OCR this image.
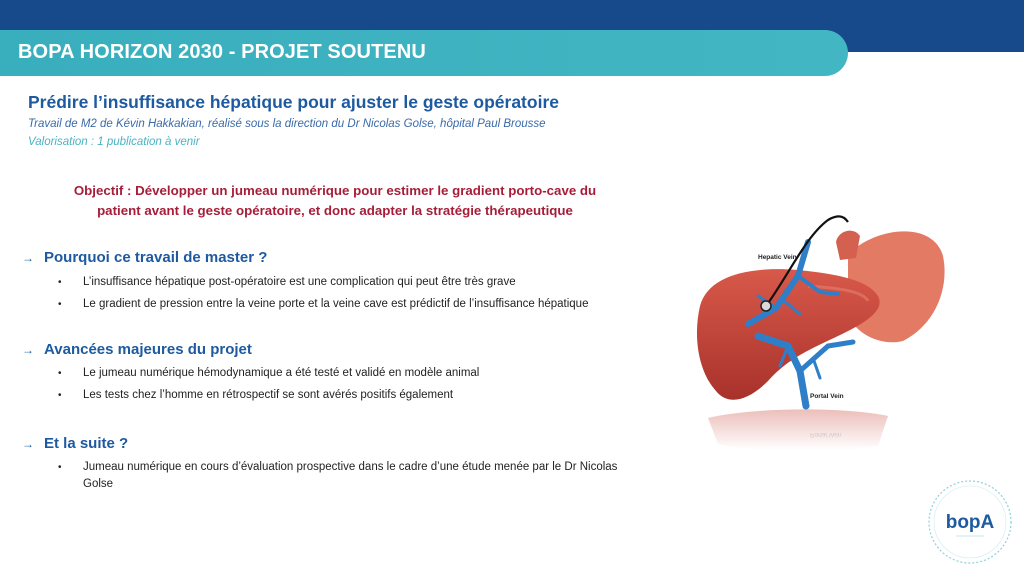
BOPA HORIZON 2030 - PROJET SOUTENU
Prédire l’insuffisance hépatique pour ajuster le geste opératoire
Travail de M2 de Kévin Hakkakian, réalisé sous la direction du Dr Nicolas Golse, hôpital Paul Brousse
Valorisation : 1 publication à venir
Objectif : Développer un jumeau numérique pour estimer le gradient porto-cave du
patient avant le geste opératoire, et donc adapter la stratégie thérapeutique
→ Pourquoi ce travail de master ?
• L’insuffisance hépatique post-opératoire est une complication qui peut être très grave
• Le gradient de pression entre la veine porte et la veine cave est prédictif de l’insuffisance hépatique
→ Avancées majeures du projet
• Le jumeau numérique hémodynamique a été testé et validé en modèle animal
• Les tests chez l’homme en rétrospectif se sont avérés positifs également
→ Et la suite ?
• Jumeau numérique en cours d’évaluation prospective dans le cadre d’une étude menée par le Dr Nicolas Golse
Hepatic Vein
Portal Vein
Portal Vein
bopA
